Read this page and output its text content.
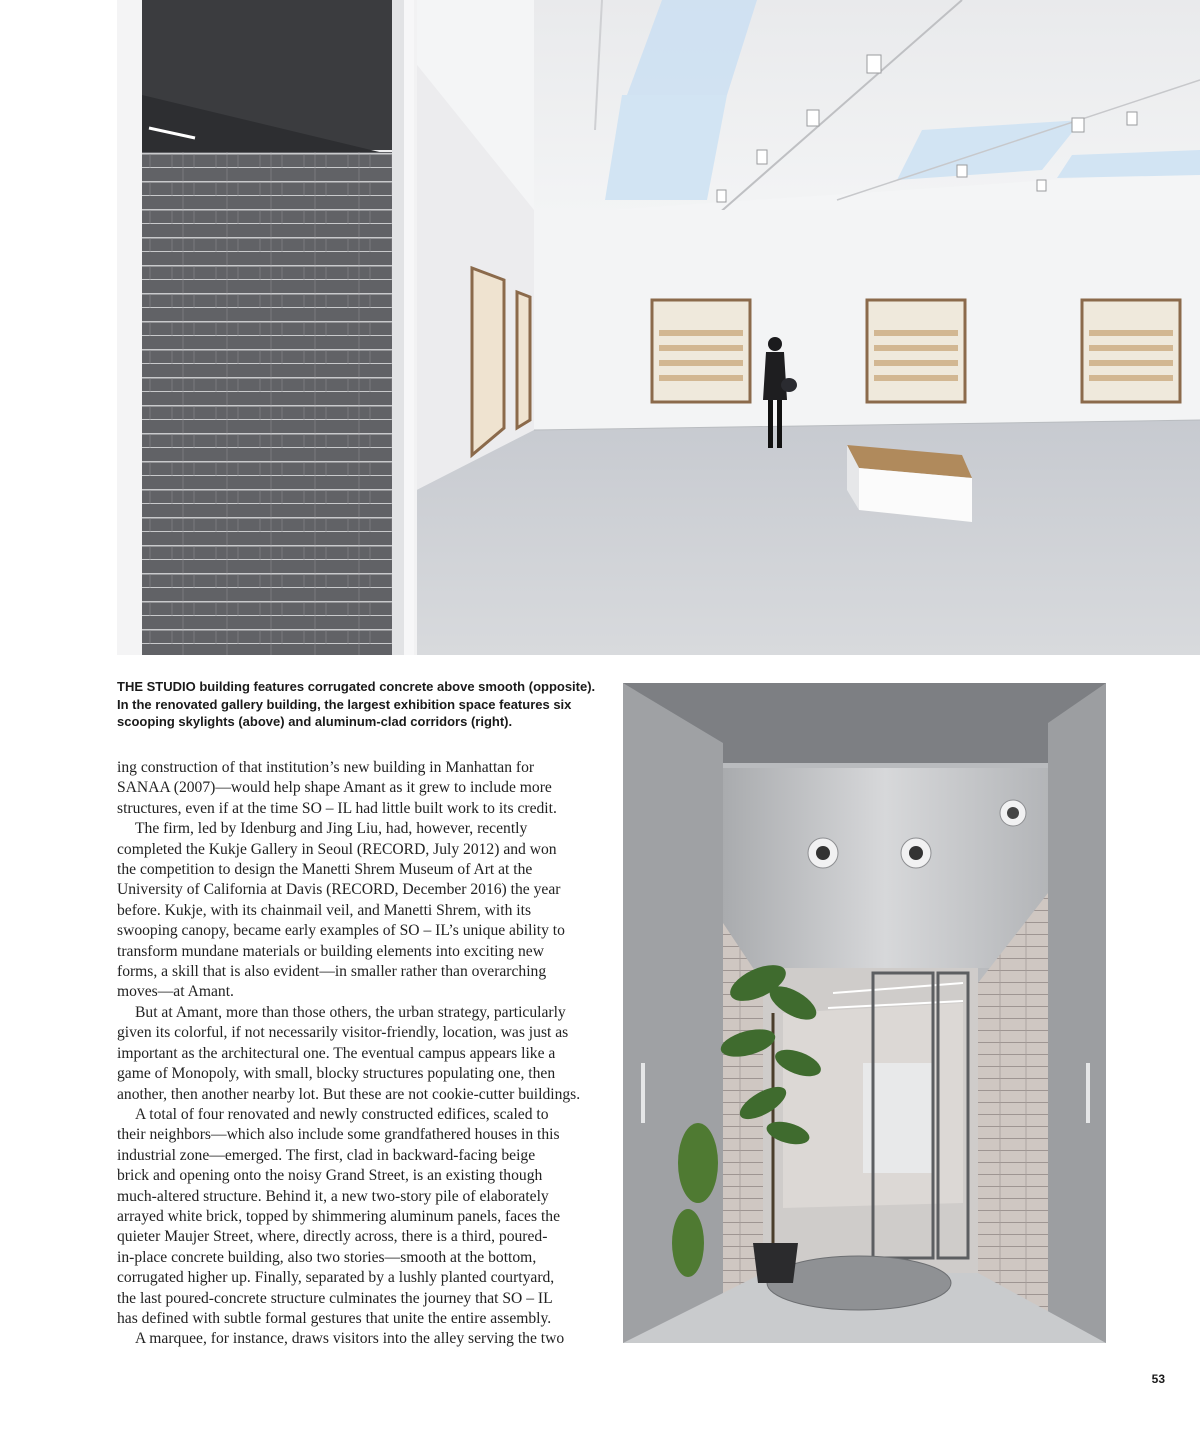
THE STUDIO building features corrugated concrete above smooth (opposite). In the renovated gallery building, the largest exhibition space features six scooping skylights (above) and aluminum-clad corridors (right).

ing construction of that institution’s new building in Manhattan for

SANAA (2007)—would help shape Amant as it grew to include more

structures, even if at the time SO – IL had little built work to its credit.

The firm, led by Idenburg and Jing Liu, had, however, recently

completed the Kukje Gallery in Seoul (RECORD, July 2012) and won

the competition to design the Manetti Shrem Museum of Art at the

University of California at Davis (RECORD, December 2016) the year

before. Kukje, with its chainmail veil, and Manetti Shrem, with its

swooping canopy, became early examples of SO – IL’s unique ability to

transform mundane materials or building elements into exciting new

forms, a skill that is also evident—in smaller rather than overarching

moves—at Amant.

But at Amant, more than those others, the urban strategy, particularly

given its colorful, if not necessarily visitor-friendly, location, was just as

important as the architectural one. The eventual campus appears like a

game of Monopoly, with small, blocky structures populating one, then

another, then another nearby lot. But these are not cookie-cutter buildings.

A total of four renovated and newly constructed edifices, scaled to

their neighbors—which also include some grandfathered houses in this

industrial zone—emerged. The first, clad in backward-facing beige

brick and opening onto the noisy Grand Street, is an existing though

much-altered structure. Behind it, a new two-story pile of elaborately

arrayed white brick, topped by shimmering aluminum panels, faces the

quieter Maujer Street, where, directly across, there is a third, poured-

in-place concrete building, also two stories—smooth at the bottom,

corrugated higher up. Finally, separated by a lushly planted courtyard,

the last poured-concrete structure culminates the journey that SO – IL

has defined with subtle formal gestures that unite the entire assembly.

A marquee, for instance, draws visitors into the alley serving the two

53
